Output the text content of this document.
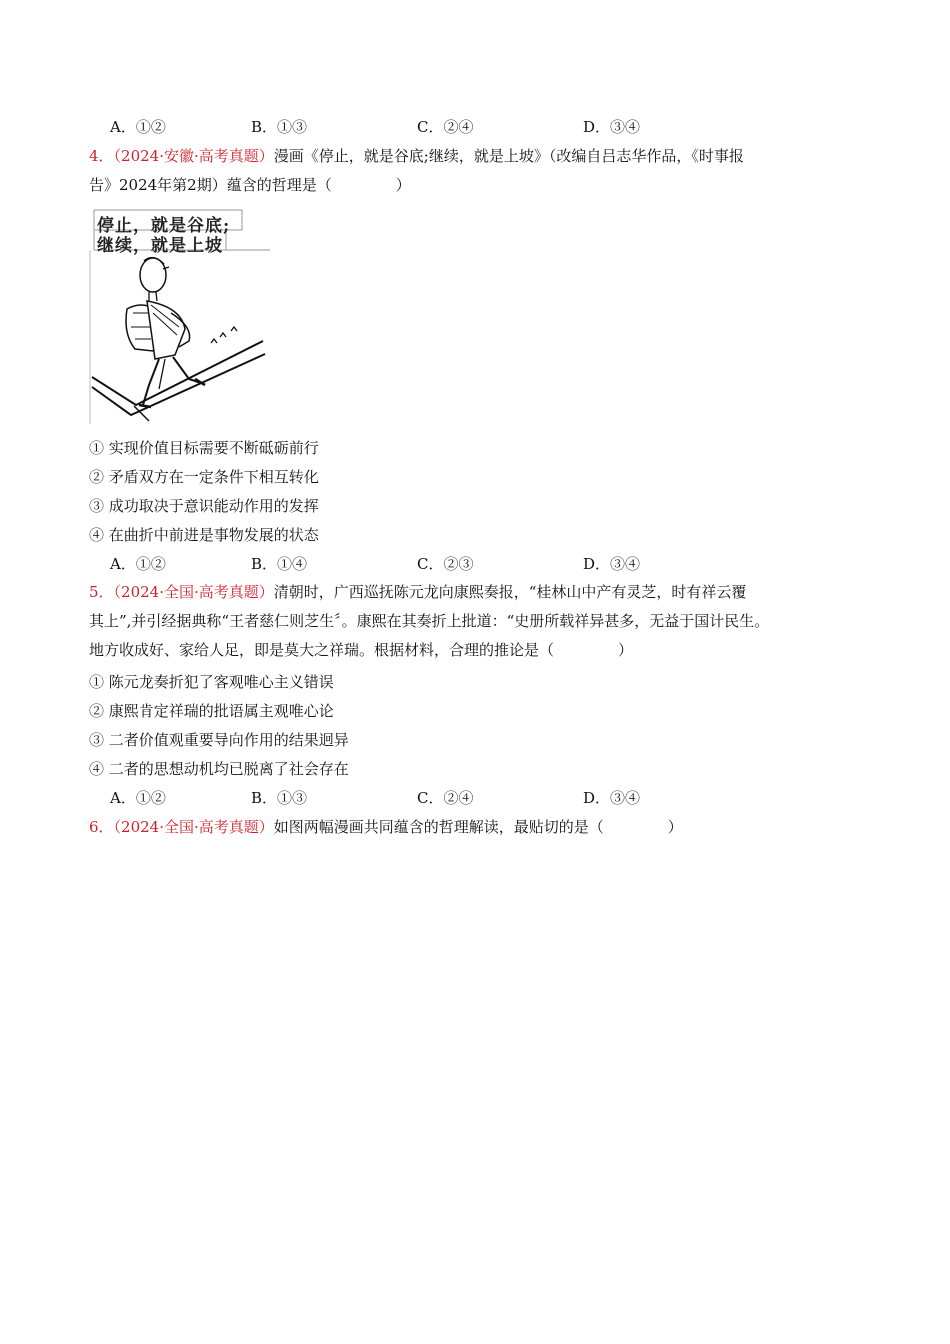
A．①②	B．①③	C．②④	D．③④
4．（2024·安徽·高考真题）漫画《停止，就是谷底;继续，就是上坡》（改编自吕志华作品，《时事报
告》2024年第2期）蕴含的哲理是（	）
停止，就是谷底;
继续，就是上坡
① 实现价值目标需要不断砥砺前行
② 矛盾双方在一定条件下相互转化
③ 成功取决于意识能动作用的发挥
④ 在曲折中前进是事物发展的状态
A．①②	B．①④	C．②③	D．③④
5．（2024·全国·高考真题）清朝时，广西巡抚陈元龙向康熙奏报，“桂林山中产有灵芝，时有祥云覆
其上”,并引经据典称“王者慈仁则芝生〞。康熙在其奏折上批道：“史册所载祥异甚多，无益于国计民生。
地方收成好、家给人足，即是莫大之祥瑞。根据材料，合理的推论是（	）
① 陈元龙奏折犯了客观唯心主义错误
② 康熙肯定祥瑞的批语属主观唯心论
③ 二者价值观重要导向作用的结果迥异
④ 二者的思想动机均已脱离了社会存在
A．①②	B．①③	C．②④	D．③④
6．（2024·全国·高考真题）如图两幅漫画共同蕴含的哲理解读，最贴切的是（	）
